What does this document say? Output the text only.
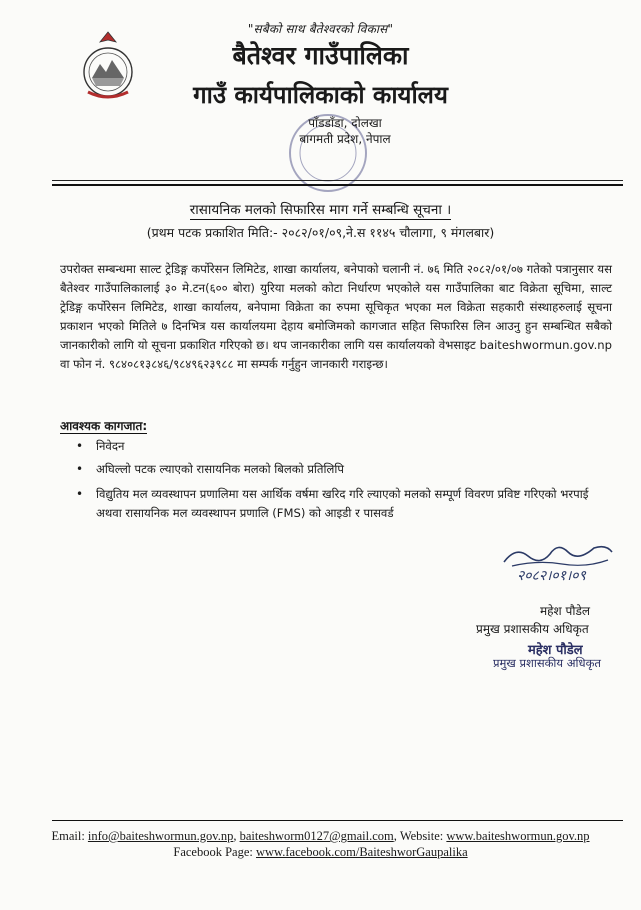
"सबैको साथ बैतेश्वरको विकास"
बैतेश्वर गाउँपालिका
गाउँ कार्यपालिकाको कार्यालय
पाँडडाँडा, दोलखा
बागमती प्रदेश, नेपाल
रासायनिक मलको सिफारिस माग गर्ने सम्बन्धि सूचना ।
(प्रथम पटक प्रकाशित मिति:- २०८२/०१/०९,ने.स ११४५ चौलागा, ९ मंगलबार)
उपरोक्त सम्बन्धमा साल्ट ट्रेडिङ्ग कर्पोरेसन लिमिटेड, शाखा कार्यालय, बनेपाको चलानी नं. ७६ मिति २०८२/०१/०७ गतेको पत्रानुसार यस बैतेश्वर गाउँपालिकालाई ३० मे.टन(६०० बोरा) युरिया मलको कोटा निर्धारण भएकोले यस गाउँपालिका बाट विक्रेता सूचिमा, साल्ट ट्रेडिङ्ग कर्पोरेसन लिमिटेड, शाखा कार्यालय, बनेपामा विक्रेता का रुपमा सूचिकृत भएका मल विक्रेता सहकारी संस्थाहरुलाई सूचना प्रकाशन भएको मितिले ७ दिनभित्र यस कार्यालयमा देहाय बमोजिमको कागजात सहित सिफारिस लिन आउनु हुन सम्बन्धित सबैको जानकारीको लागि यो सूचना प्रकाशित गरिएको छ। थप जानकारीका लागि यस कार्यालयको वेभसाइट baiteshwormun.gov.np वा फोन नं. ९८४०८१३८४६/९८४९६२३९८८ मा सम्पर्क गर्नुहुन जानकारी गराइन्छ।
आवश्यक कागजात:
• निवेदन
• अघिल्लो पटक ल्याएको रासायनिक मलको बिलको प्रतिलिपि
• विद्युतिय मल व्यवस्थापन प्रणालिमा यस आर्थिक वर्षमा खरिद गरि ल्याएको मलको सम्पूर्ण विवरण प्रविष्ट गरिएको भरपाई अथवा रासायनिक मल व्यवस्थापन प्रणालि (FMS) को आइडी र पासवर्ड
२०८२।०१।०९
महेश पौडेल
प्रमुख प्रशासकीय अधिकृत
महेश पौडेल
प्रमुख प्रशासकीय अधिकृत
Email: info@baiteshwormun.gov.np, baiteshworm0127@gmail.com, Website: www.baiteshwormun.gov.np
Facebook Page: www.facebook.com/BaiteshworGaupalika
